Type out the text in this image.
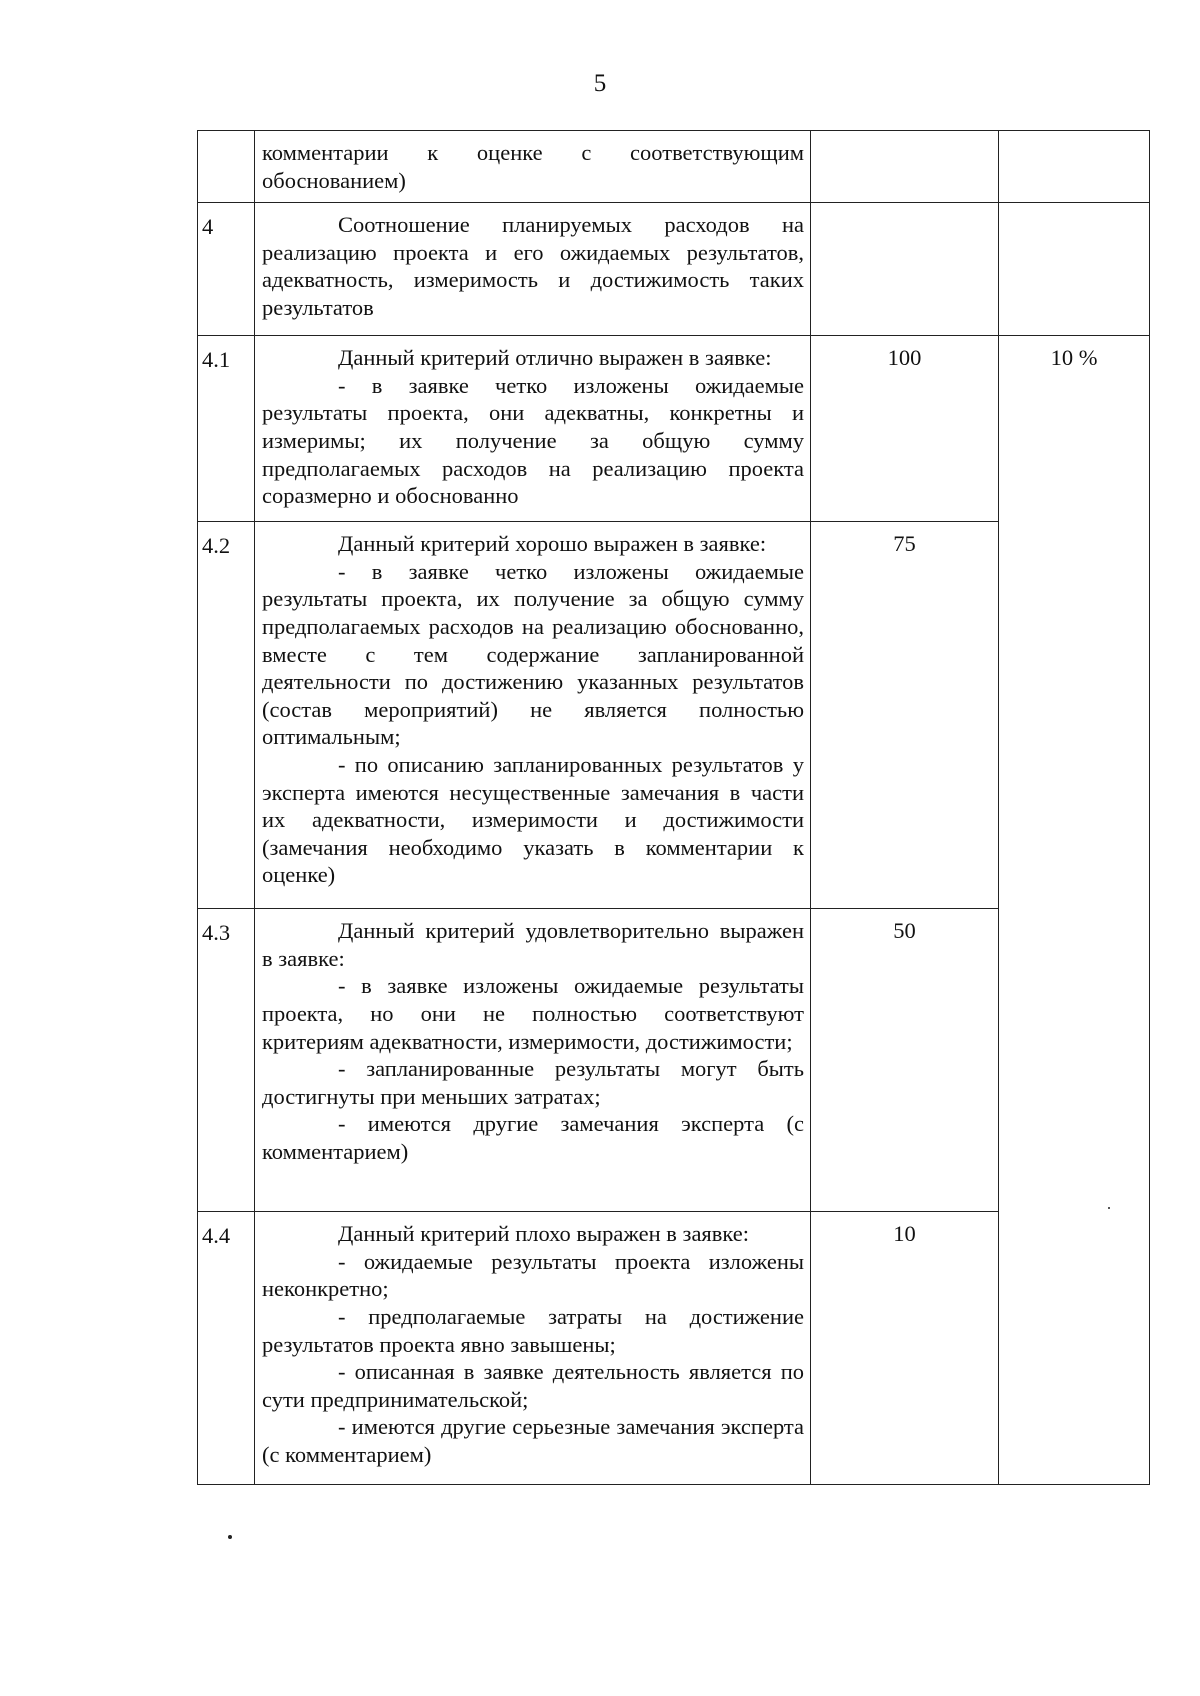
5

	комментарии к оценке с соответствующим обоснованием)		

4	Соотношение планируемых расходов на реализацию проекта и его ожидаемых результатов, адекватность, измеримость и достижимость таких результатов		

4.1	Данный критерий отлично выражен в заявке:

- в заявке четко изложены ожидаемые результаты проекта, они адекватны, конкретны и измеримы; их получение за общую сумму предполагаемых расходов на реализацию проекта соразмерно и обоснованно	100	10 %
4.2	Данный критерий хорошо выражен в заявке:

- в заявке четко изложены ожидаемые результаты проекта, их получение за общую сумму предполагаемых расходов на реализацию обоснованно, вместе с тем содержание запланированной деятельности по достижению указанных результатов (состав мероприятий) не является полностью оптимальным;

- по описанию запланированных результатов у эксперта имеются несущественные замечания в части их адекватности, измеримости и достижимости (замечания необходимо указать в комментарии к оценке)	75	
4.3	Данный критерий удовлетворительно выражен в заявке:

- в заявке изложены ожидаемые результаты проекта, но они не полностью соответствуют критериям адекватности, измеримости, достижимости;

- запланированные результаты могут быть достигнуты при меньших затратах;

- имеются другие замечания эксперта (с комментарием)	50	
4.4	Данный критерий плохо выражен в заявке:

- ожидаемые результаты проекта изложены неконкретно;

- предполагаемые затраты на достижение результатов проекта явно завышены;

- описанная в заявке деятельность является по сути предпринимательской;

- имеются другие серьезные замечания эксперта (с комментарием)	10	
